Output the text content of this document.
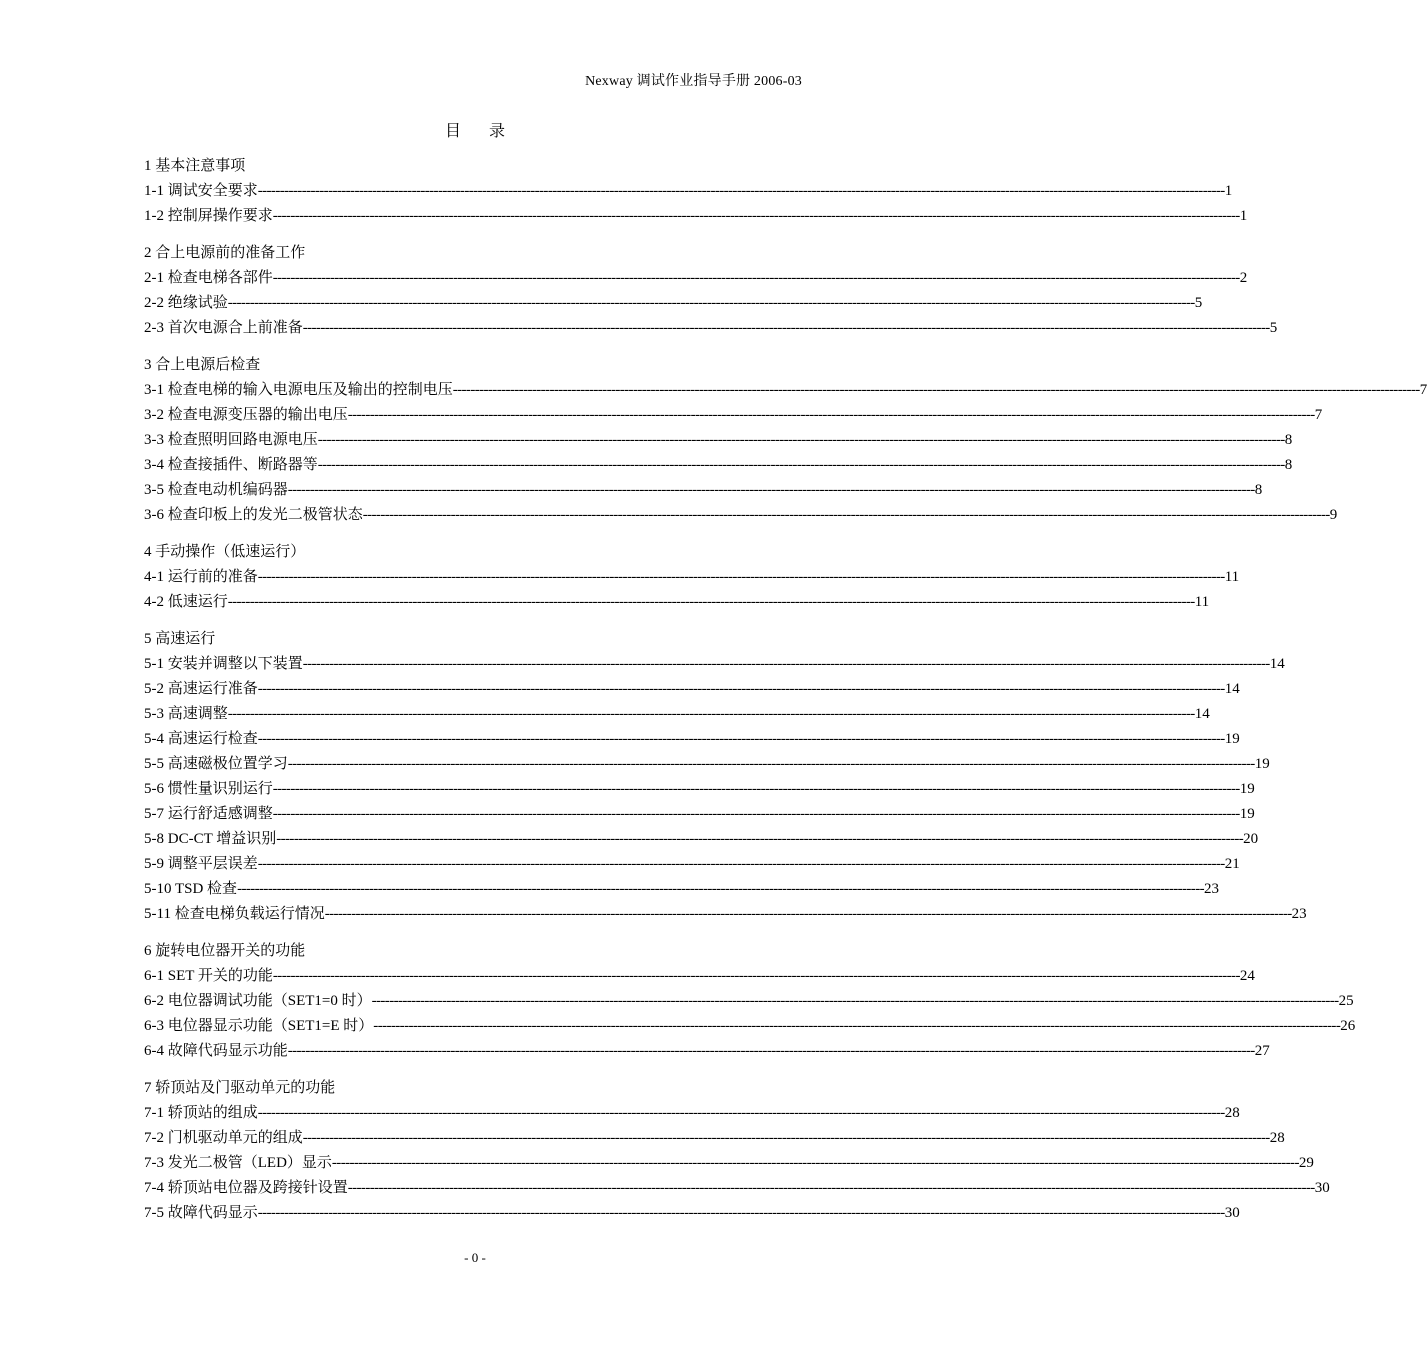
Nexway 调试作业指导手册 2006-03
目 录
1 基本注意事项
1-1 调试安全要求 ---------------------------------------------------------------------------------------------------------------------------------------------------------------------------------------------------------------------------- 1
1-2 控制屏操作要求 ---------------------------------------------------------------------------------------------------------------------------------------------------------------------------------------------------------------------------- 1
2 合上电源前的准备工作
2-1 检查电梯各部件 ---------------------------------------------------------------------------------------------------------------------------------------------------------------------------------------------------------------------------- 2
2-2 绝缘试验 ---------------------------------------------------------------------------------------------------------------------------------------------------------------------------------------------------------------------------- 5
2-3 首次电源合上前准备 ---------------------------------------------------------------------------------------------------------------------------------------------------------------------------------------------------------------------------- 5
3 合上电源后检查
3-1 检查电梯的输入电源电压及输出的控制电压 ---------------------------------------------------------------------------------------------------------------------------------------------------------------------------------------------------------------------------- 7
3-2 检查电源变压器的输出电压 ---------------------------------------------------------------------------------------------------------------------------------------------------------------------------------------------------------------------------- 7
3-3 检查照明回路电源电压 ---------------------------------------------------------------------------------------------------------------------------------------------------------------------------------------------------------------------------- 8
3-4 检查接插件、断路器等 ---------------------------------------------------------------------------------------------------------------------------------------------------------------------------------------------------------------------------- 8
3-5 检查电动机编码器 ---------------------------------------------------------------------------------------------------------------------------------------------------------------------------------------------------------------------------- 8
3-6 检查印板上的发光二极管状态 ---------------------------------------------------------------------------------------------------------------------------------------------------------------------------------------------------------------------------- 9
4 手动操作（低速运行）
4-1 运行前的准备 ---------------------------------------------------------------------------------------------------------------------------------------------------------------------------------------------------------------------------- 11
4-2 低速运行 ---------------------------------------------------------------------------------------------------------------------------------------------------------------------------------------------------------------------------- 11
5 高速运行
5-1 安装并调整以下装置 ---------------------------------------------------------------------------------------------------------------------------------------------------------------------------------------------------------------------------- 14
5-2 高速运行准备 ---------------------------------------------------------------------------------------------------------------------------------------------------------------------------------------------------------------------------- 14
5-3 高速调整 ---------------------------------------------------------------------------------------------------------------------------------------------------------------------------------------------------------------------------- 14
5-4 高速运行检查 ---------------------------------------------------------------------------------------------------------------------------------------------------------------------------------------------------------------------------- 19
5-5 高速磁极位置学习 ---------------------------------------------------------------------------------------------------------------------------------------------------------------------------------------------------------------------------- 19
5-6 惯性量识别运行 ---------------------------------------------------------------------------------------------------------------------------------------------------------------------------------------------------------------------------- 19
5-7 运行舒适感调整 ---------------------------------------------------------------------------------------------------------------------------------------------------------------------------------------------------------------------------- 19
5-8 DC-CT 增益识别 ---------------------------------------------------------------------------------------------------------------------------------------------------------------------------------------------------------------------------- 20
5-9 调整平层误差 ---------------------------------------------------------------------------------------------------------------------------------------------------------------------------------------------------------------------------- 21
5-10 TSD 检查 ---------------------------------------------------------------------------------------------------------------------------------------------------------------------------------------------------------------------------- 23
5-11 检查电梯负载运行情况 ---------------------------------------------------------------------------------------------------------------------------------------------------------------------------------------------------------------------------- 23
6 旋转电位器开关的功能
6-1 SET 开关的功能 ---------------------------------------------------------------------------------------------------------------------------------------------------------------------------------------------------------------------------- 24
6-2 电位器调试功能（SET1=0 时） ---------------------------------------------------------------------------------------------------------------------------------------------------------------------------------------------------------------------------- 25
6-3 电位器显示功能（SET1=E 时） ---------------------------------------------------------------------------------------------------------------------------------------------------------------------------------------------------------------------------- 26
6-4 故障代码显示功能 ---------------------------------------------------------------------------------------------------------------------------------------------------------------------------------------------------------------------------- 27
7 轿顶站及门驱动单元的功能
7-1 轿顶站的组成 ---------------------------------------------------------------------------------------------------------------------------------------------------------------------------------------------------------------------------- 28
7-2 门机驱动单元的组成 ---------------------------------------------------------------------------------------------------------------------------------------------------------------------------------------------------------------------------- 28
7-3 发光二极管（LED）显示 ---------------------------------------------------------------------------------------------------------------------------------------------------------------------------------------------------------------------------- 29
7-4 轿顶站电位器及跨接针设置 ---------------------------------------------------------------------------------------------------------------------------------------------------------------------------------------------------------------------------- 30
7-5 故障代码显示 ---------------------------------------------------------------------------------------------------------------------------------------------------------------------------------------------------------------------------- 30
- 0 -
